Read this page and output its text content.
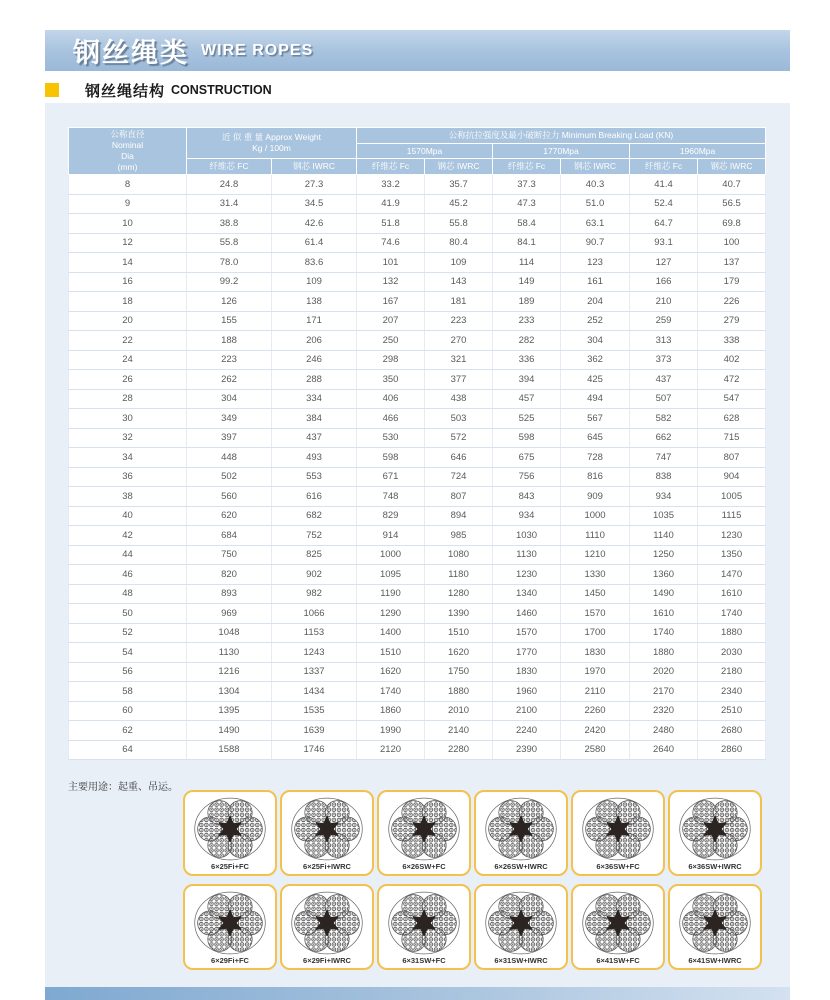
钢丝绳类 WIRE ROPES
钢丝绳结构 CONSTRUCTION
公称直径
Nominal
Dia
(mm)	近 似 重 量 Approx Weight
Kg / 100m		公称抗拉强度及最小破断拉力 Minimum Breaking Load (KN)					
			1570Mpa		1770Mpa		1960Mpa	
	纤维芯 FC	钢芯 IWRC	纤维芯 Fc	钢芯 IWRC	纤维芯 Fc	钢芯 IWRC	纤维芯 Fc	钢芯 IWRC
8	24.8	27.3	33.2	35.7	37.3	40.3	41.4	40.7
9	31.4	34.5	41.9	45.2	47.3	51.0	52.4	56.5
10	38.8	42.6	51.8	55.8	58.4	63.1	64.7	69.8
12	55.8	61.4	74.6	80.4	84.1	90.7	93.1	100
14	78.0	83.6	101	109	114	123	127	137
16	99.2	109	132	143	149	161	166	179
18	126	138	167	181	189	204	210	226
20	155	171	207	223	233	252	259	279
22	188	206	250	270	282	304	313	338
24	223	246	298	321	336	362	373	402
26	262	288	350	377	394	425	437	472
28	304	334	406	438	457	494	507	547
30	349	384	466	503	525	567	582	628
32	397	437	530	572	598	645	662	715
34	448	493	598	646	675	728	747	807
36	502	553	671	724	756	816	838	904
38	560	616	748	807	843	909	934	1005
40	620	682	829	894	934	1000	1035	1115
42	684	752	914	985	1030	1110	1140	1230
44	750	825	1000	1080	1130	1210	1250	1350
46	820	902	1095	1180	1230	1330	1360	1470
48	893	982	1190	1280	1340	1450	1490	1610
50	969	1066	1290	1390	1460	1570	1610	1740
52	1048	1153	1400	1510	1570	1700	1740	1880
54	1130	1243	1510	1620	1770	1830	1880	2030
56	1216	1337	1620	1750	1830	1970	2020	2180
58	1304	1434	1740	1880	1960	2110	2170	2340
60	1395	1535	1860	2010	2100	2260	2320	2510
62	1490	1639	1990	2140	2240	2420	2480	2680
64	1588	1746	2120	2280	2390	2580	2640	2860
主要用途：起重、吊运。
6×25Fi+FC	6×25Fi+IWRC	6×26SW+FC	6×26SW+IWRC	6×36SW+FC	6×36SW+IWRC
6×29Fi+FC	6×29Fi+IWRC	6×31SW+FC	6×31SW+IWRC	6×41SW+FC	6×41SW+IWRC
